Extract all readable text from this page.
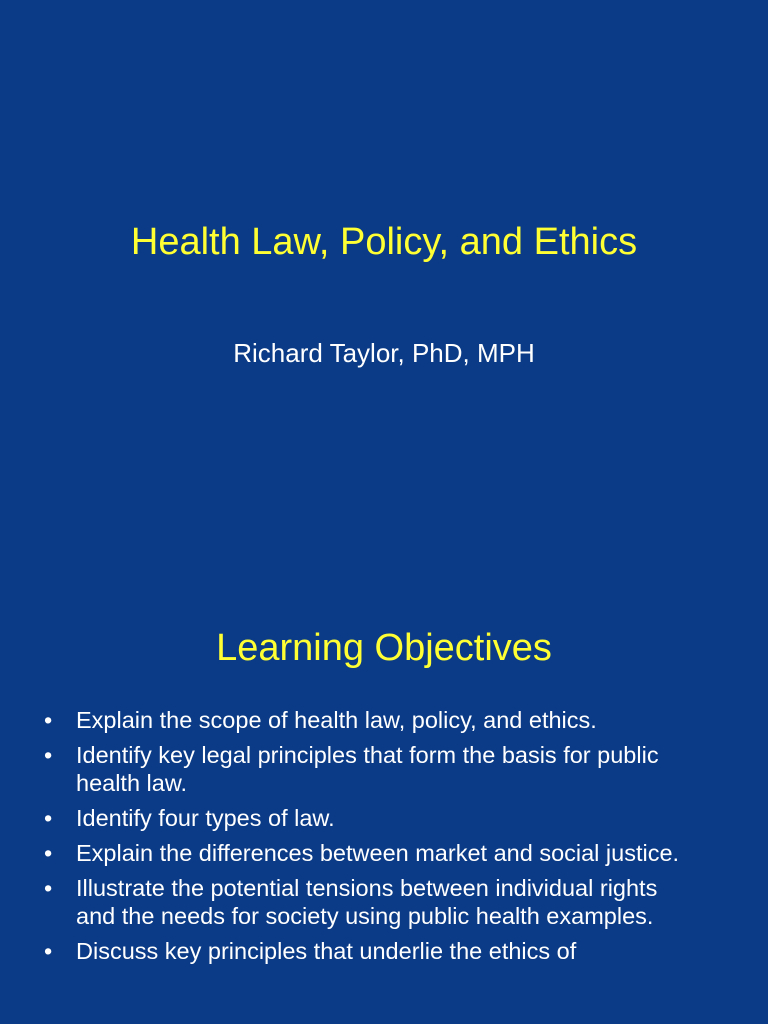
Health Law, Policy, and Ethics
Richard Taylor, PhD, MPH
Learning Objectives
•	Explain the scope of health law, policy, and ethics.
•	Identify key legal principles that form the basis for public health law.
•	Identify four types of law.
•	Explain the differences between market and social justice.
•	Illustrate the potential tensions between individual rights and the needs for society using public health examples.
•	Discuss key principles that underlie the ethics of
